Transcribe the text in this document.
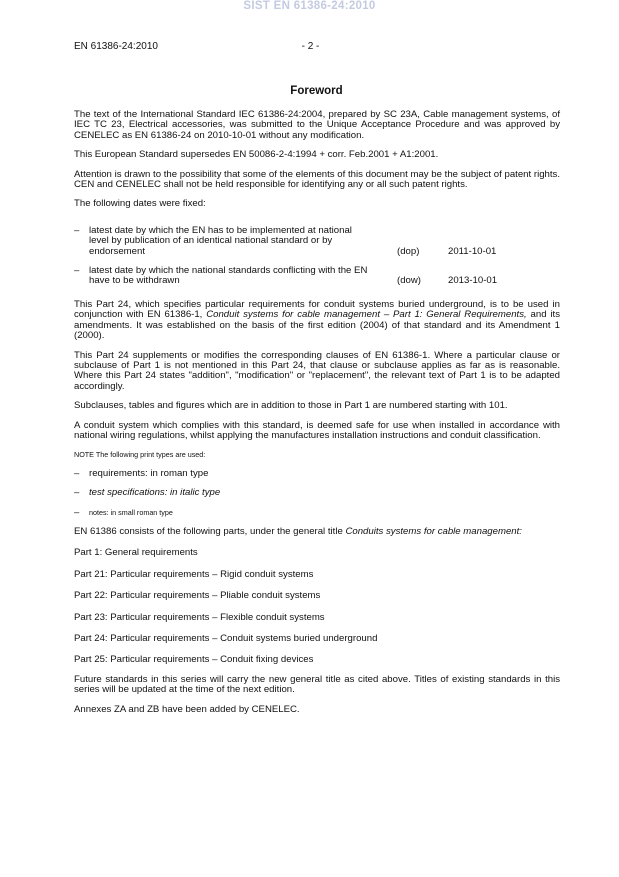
SIST EN 61386-24:2010
EN 61386-24:2010	- 2 -
Foreword

The text of the International Standard IEC 61386-24:2004, prepared by SC 23A, Cable management systems, of IEC TC 23, Electrical accessories, was submitted to the Unique Acceptance Procedure and was approved by CENELEC as EN 61386-24 on 2010-10-01 without any modification.

This European Standard supersedes EN 50086-2-4:1994 + corr. Feb.2001 + A1:2001.

Attention is drawn to the possibility that some of the elements of this document may be the subject of patent rights. CEN and CENELEC shall not be held responsible for identifying any or all such patent rights.

The following dates were fixed:

– latest date by which the EN has to be implemented at national level by publication of an identical national standard or by endorsement	(dop)	2011-10-01
– latest date by which the national standards conflicting with the EN have to be withdrawn	(dow)	2013-10-01

This Part 24, which specifies particular requirements for conduit systems buried underground, is to be used in conjunction with EN 61386-1, Conduit systems for cable management – Part 1: General Requirements, and its amendments. It was established on the basis of the first edition (2004) of that standard and its Amendment 1 (2000).

This Part 24 supplements or modifies the corresponding clauses of EN 61386-1. Where a particular clause or subclause of Part 1 is not mentioned in this Part 24, that clause or subclause applies as far as is reasonable. Where this Part 24 states "addition", "modification" or "replacement", the relevant text of Part 1 is to be adapted accordingly.

Subclauses, tables and figures which are in addition to those in Part 1 are numbered starting with 101.

A conduit system which complies with this standard, is deemed safe for use when installed in accordance with national wiring regulations, whilst applying the manufactures installation instructions and conduit classification.

NOTE The following print types are used:
– requirements: in roman type
– test specifications: in italic type
– notes: in small roman type

EN 61386 consists of the following parts, under the general title Conduits systems for cable management:

Part 1: General requirements
Part 21: Particular requirements – Rigid conduit systems
Part 22: Particular requirements – Pliable conduit systems
Part 23: Particular requirements – Flexible conduit systems
Part 24: Particular requirements – Conduit systems buried underground
Part 25: Particular requirements – Conduit fixing devices

Future standards in this series will carry the new general title as cited above. Titles of existing standards in this series will be updated at the time of the next edition.

Annexes ZA and ZB have been added by CENELEC.
